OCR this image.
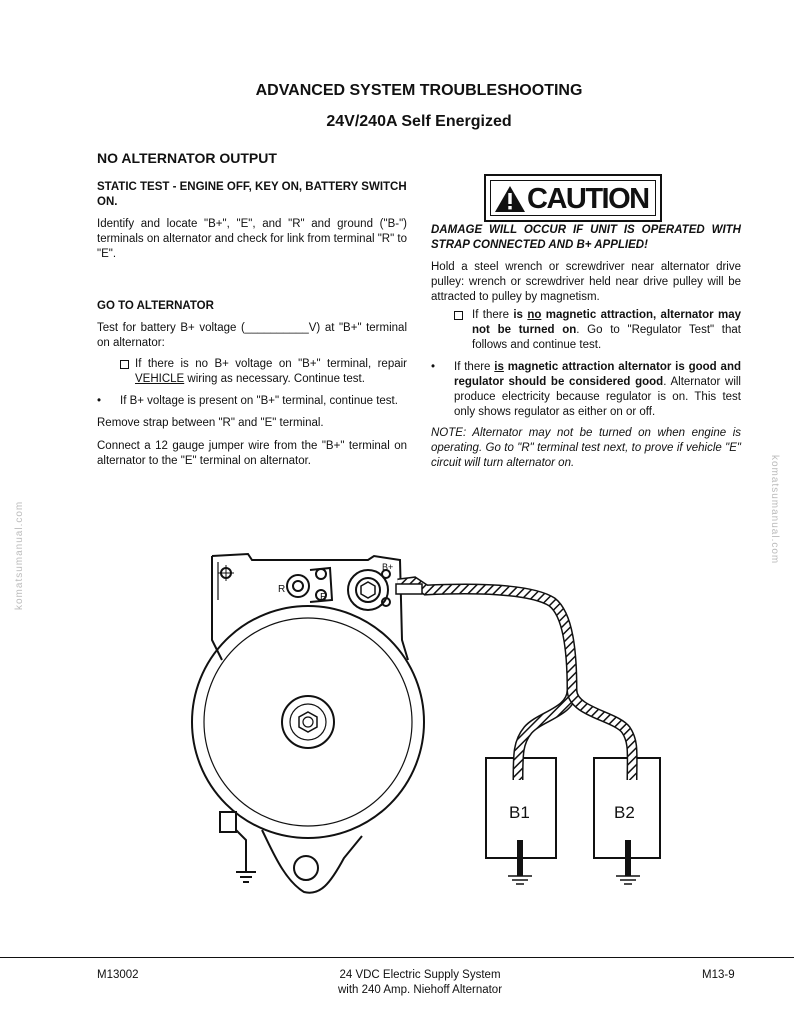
ADVANCED SYSTEM TROUBLESHOOTING
24V/240A Self Energized
NO ALTERNATOR OUTPUT
STATIC TEST - ENGINE OFF, KEY ON, BATTERY SWITCH ON.
Identify and locate "B+", "E", and "R" and ground ("B-") terminals on alternator and check for link from terminal "R" to "E".
GO TO ALTERNATOR
Test for battery B+ voltage (__________V) at "B+" terminal on alternator:
If there is no B+ voltage on "B+" terminal, repair VEHICLE wiring as necessary. Continue test.
• If B+ voltage is present on "B+" terminal, continue test.
Remove strap between "R" and "E" terminal.
Connect a 12 gauge jumper wire from the "B+" terminal on alternator to the "E" terminal on alternator.
CAUTION
DAMAGE WILL OCCUR IF UNIT IS OPERATED WITH STRAP CONNECTED AND B+ APPLIED!
Hold a steel wrench or screwdriver near alternator drive pulley: wrench or screwdriver held near drive pulley will be attracted to pulley by magnetism.
If there is no magnetic attraction, alternator may not be turned on. Go to "Regulator Test" that follows and continue test.
• If there is magnetic attraction alternator is good and regulator should be considered good. Alternator will produce electricity because regulator is on. This test only shows regulator as either on or off.
NOTE: Alternator may not be turned on when engine is operating. Go to "R" terminal test next, to prove if vehicle "E" circuit will turn alternator on.
komatsumanual.com	komatsumanual.com
R
E
B+
B1	B2
M13002	24 VDC Electric Supply System
with 240 Amp. Niehoff Alternator
M13-9
